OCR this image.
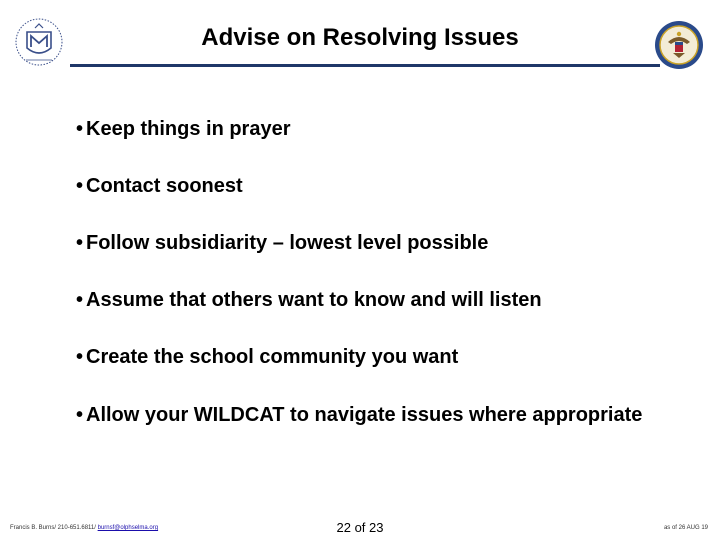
Advise on Resolving Issues
• Keep things in prayer
• Contact soonest
• Follow subsidiarity – lowest level possible
• Assume that others want to know and will listen
• Create the school community you want
• Allow your WILDCAT to navigate issues where appropriate
Francis B. Burns/ 210-651.6811/ burnsf@olphselma.org	22 of 23	as of 26 AUG 19
